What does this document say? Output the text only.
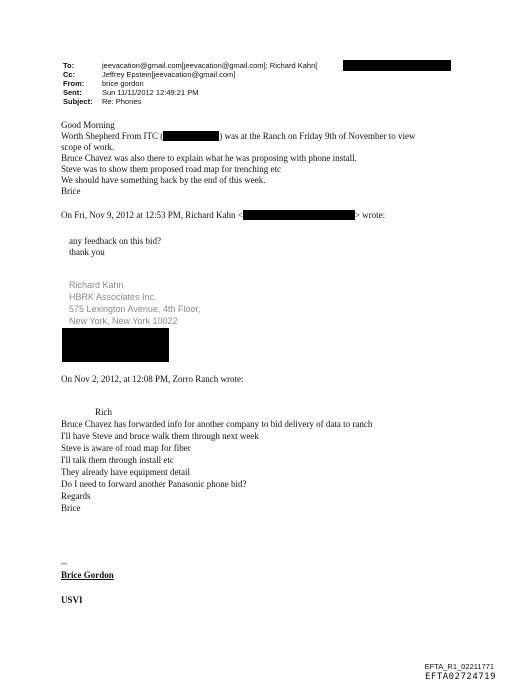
To:	jeevacation@gmail.com[jeevacation@gmail.com]; Richard Kahn[
Cc:	Jeffrey Epstein[jeevacation@gmail.com]
From: brice gordon
Sent:	Sun 11/11/2012 12:49:21 PM
Subject: Re: Phones
Good Morning
Worth Shepherd From ITC (	) was at the Ranch on Friday 9th of November to view
scope of work.
Bruce Chavez was also there to explain what he was proposing with phone install.
Steve was to show them proposed road map for trenching etc
We should have something back by the end of this week.
Brice
On Fri, Nov 9, 2012 at 12:53 PM, Richard Kahn <	> wrote:
any feedback on this bid?
thank you
Richard Kahn
HBRK Associates Inc.
575 Lexington Avenue, 4th Floor,
New York, New York 10022
On Nov 2, 2012, at 12:08 PM, Zorro Ranch wrote:
Rich
Bruce Chavez has forwarded info for another company to bid delivery of data to ranch
I'll have Steve and bruce walk them through next week
Steve is aware of road map for fiber
I'll talk them through install etc
They already have equipment detail
Do I need to forward another Panasonic phone bid?
Regards
Brice
--
Brice Gordon
USVI
EFTA_R1_02211771
EFTA02724719
